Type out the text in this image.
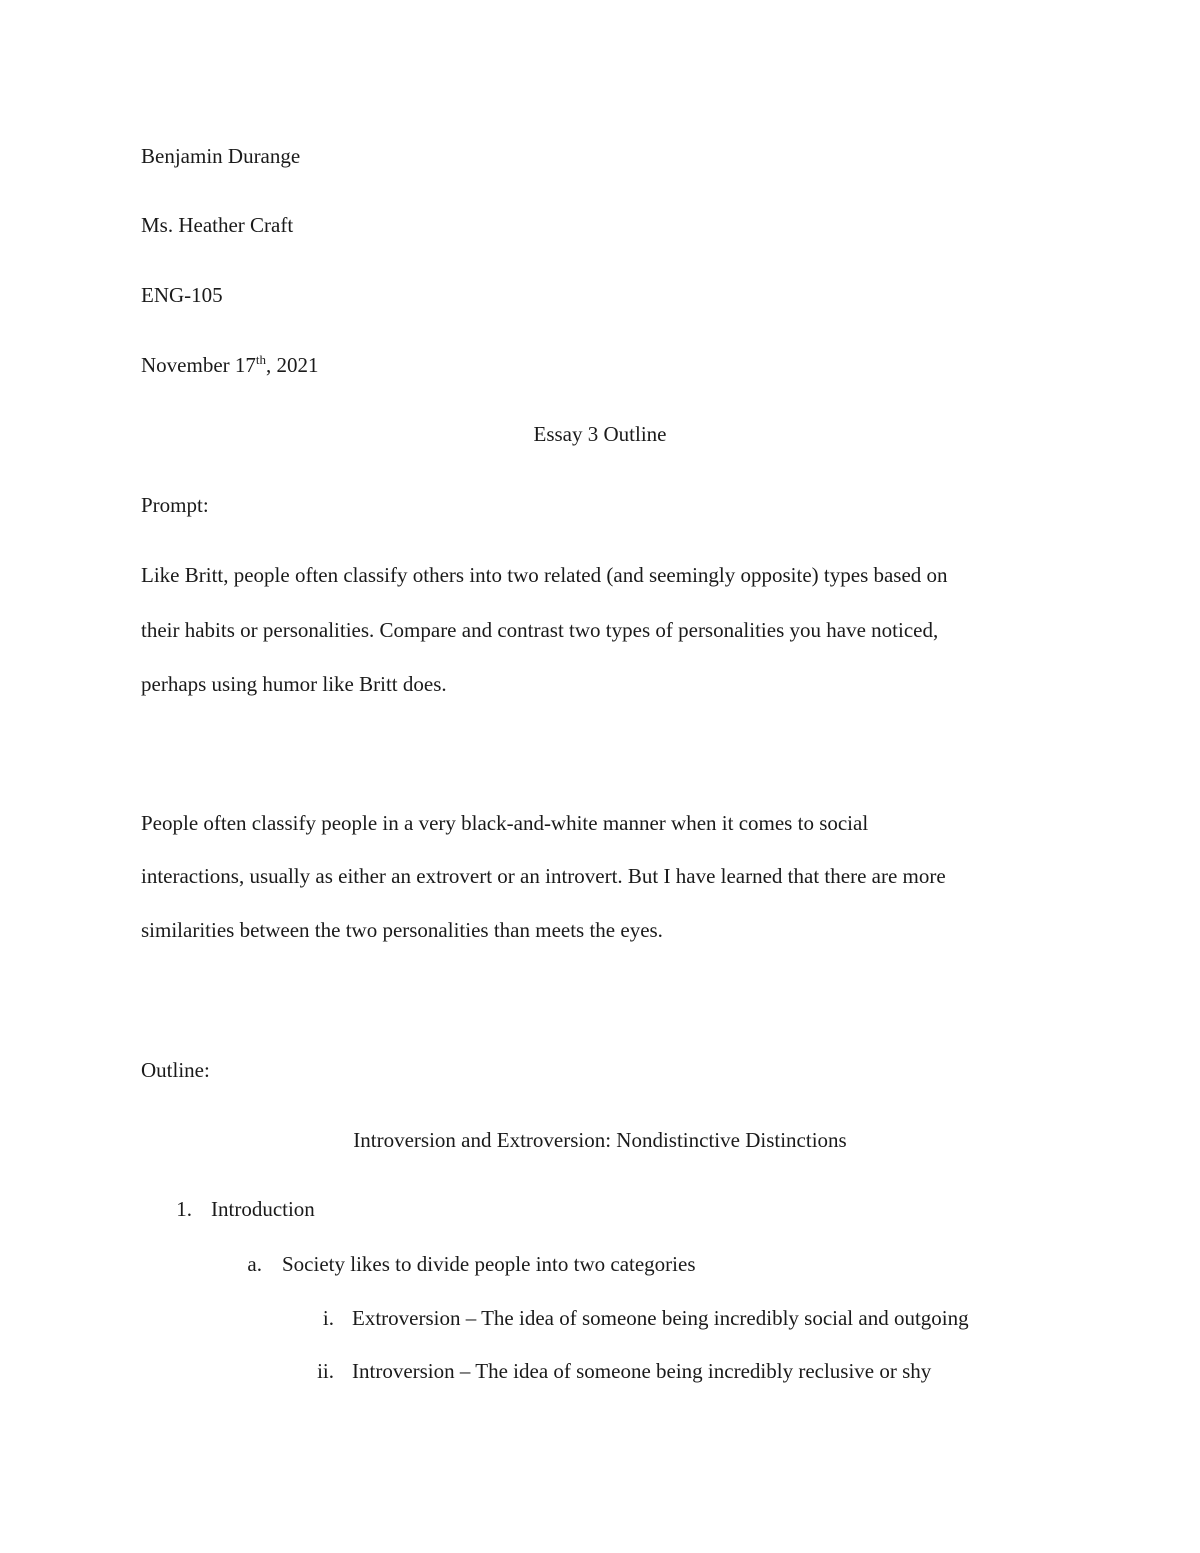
Benjamin Durange
Ms. Heather Craft
ENG-105
November 17th, 2021
Essay 3 Outline
Prompt:
Like Britt, people often classify others into two related (and seemingly opposite) types based on
their habits or personalities. Compare and contrast two types of personalities you have noticed,
perhaps using humor like Britt does.
People often classify people in a very black-and-white manner when it comes to social
interactions, usually as either an extrovert or an introvert. But I have learned that there are more
similarities between the two personalities than meets the eyes.
Outline:
Introversion and Extroversion: Nondistinctive Distinctions
1. Introduction
a. Society likes to divide people into two categories
i. Extroversion – The idea of someone being incredibly social and outgoing
ii. Introversion – The idea of someone being incredibly reclusive or shy
